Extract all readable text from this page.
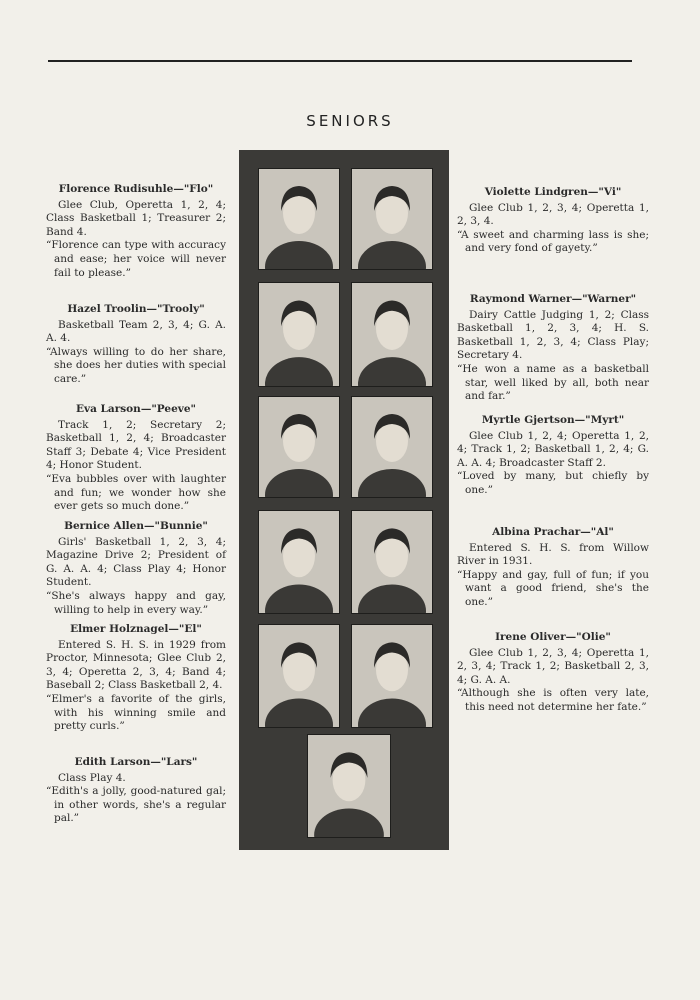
SENIORS
Florence Rudisuhle—"Flo"

Glee Club, Operetta 1, 2, 4; Class Basketball 1; Treasurer 2; Band 4.

“Florence can type with accuracy and ease; her voice will never fail to please.”

Hazel Troolin—"Trooly"

Basketball Team 2, 3, 4; G. A. A. 4.

“Always willing to do her share, she does her duties with special care.”

Eva Larson—"Peeve"

Track 1, 2; Secretary 2; Basketball 1, 2, 4; Broadcaster Staff 3; Debate 4; Vice President 4; Honor Student.

“Eva bubbles over with laughter and fun; we wonder how she ever gets so much done.”

Bernice Allen—"Bunnie"

Girls' Basketball 1, 2, 3, 4; Magazine Drive 2; President of G. A. A. 4; Class Play 4; Honor Student.

“She's always happy and gay, willing to help in every way.”

Elmer Holznagel—"El"

Entered S. H. S. in 1929 from Proctor, Minnesota; Glee Club 2, 3, 4; Operetta 2, 3, 4; Band 4; Baseball 2; Class Basketball 2, 4.

“Elmer's a favorite of the girls, with his winning smile and pretty curls.”

Edith Larson—"Lars"

Class Play 4.

“Edith's a jolly, good-natured gal; in other words, she's a regular pal.”

Violette Lindgren—"Vi"

Glee Club 1, 2, 3, 4; Operetta 1, 2, 3, 4.

“A sweet and charming lass is she; and very fond of gayety.”

Raymond Warner—"Warner"

Dairy Cattle Judging 1, 2; Class Basketball 1, 2, 3, 4; H. S. Basketball 1, 2, 3, 4; Class Play; Secretary 4.

“He won a name as a basketball star, well liked by all, both near and far.”

Myrtle Gjertson—"Myrt"

Glee Club 1, 2, 4; Operetta 1, 2, 4; Track 1, 2; Basketball 1, 2, 4; G. A. A. 4; Broadcaster Staff 2.

“Loved by many, but chiefly by one.”

Albina Prachar—"Al"

Entered S. H. S. from Willow River in 1931.

“Happy and gay, full of fun; if you want a good friend, she's the one.”

Irene Oliver—"Olie"

Glee Club 1, 2, 3, 4; Operetta 1, 2, 3, 4; Track 1, 2; Basketball 2, 3, 4; G. A. A.

“Although she is often very late, this need not determine her fate.”
